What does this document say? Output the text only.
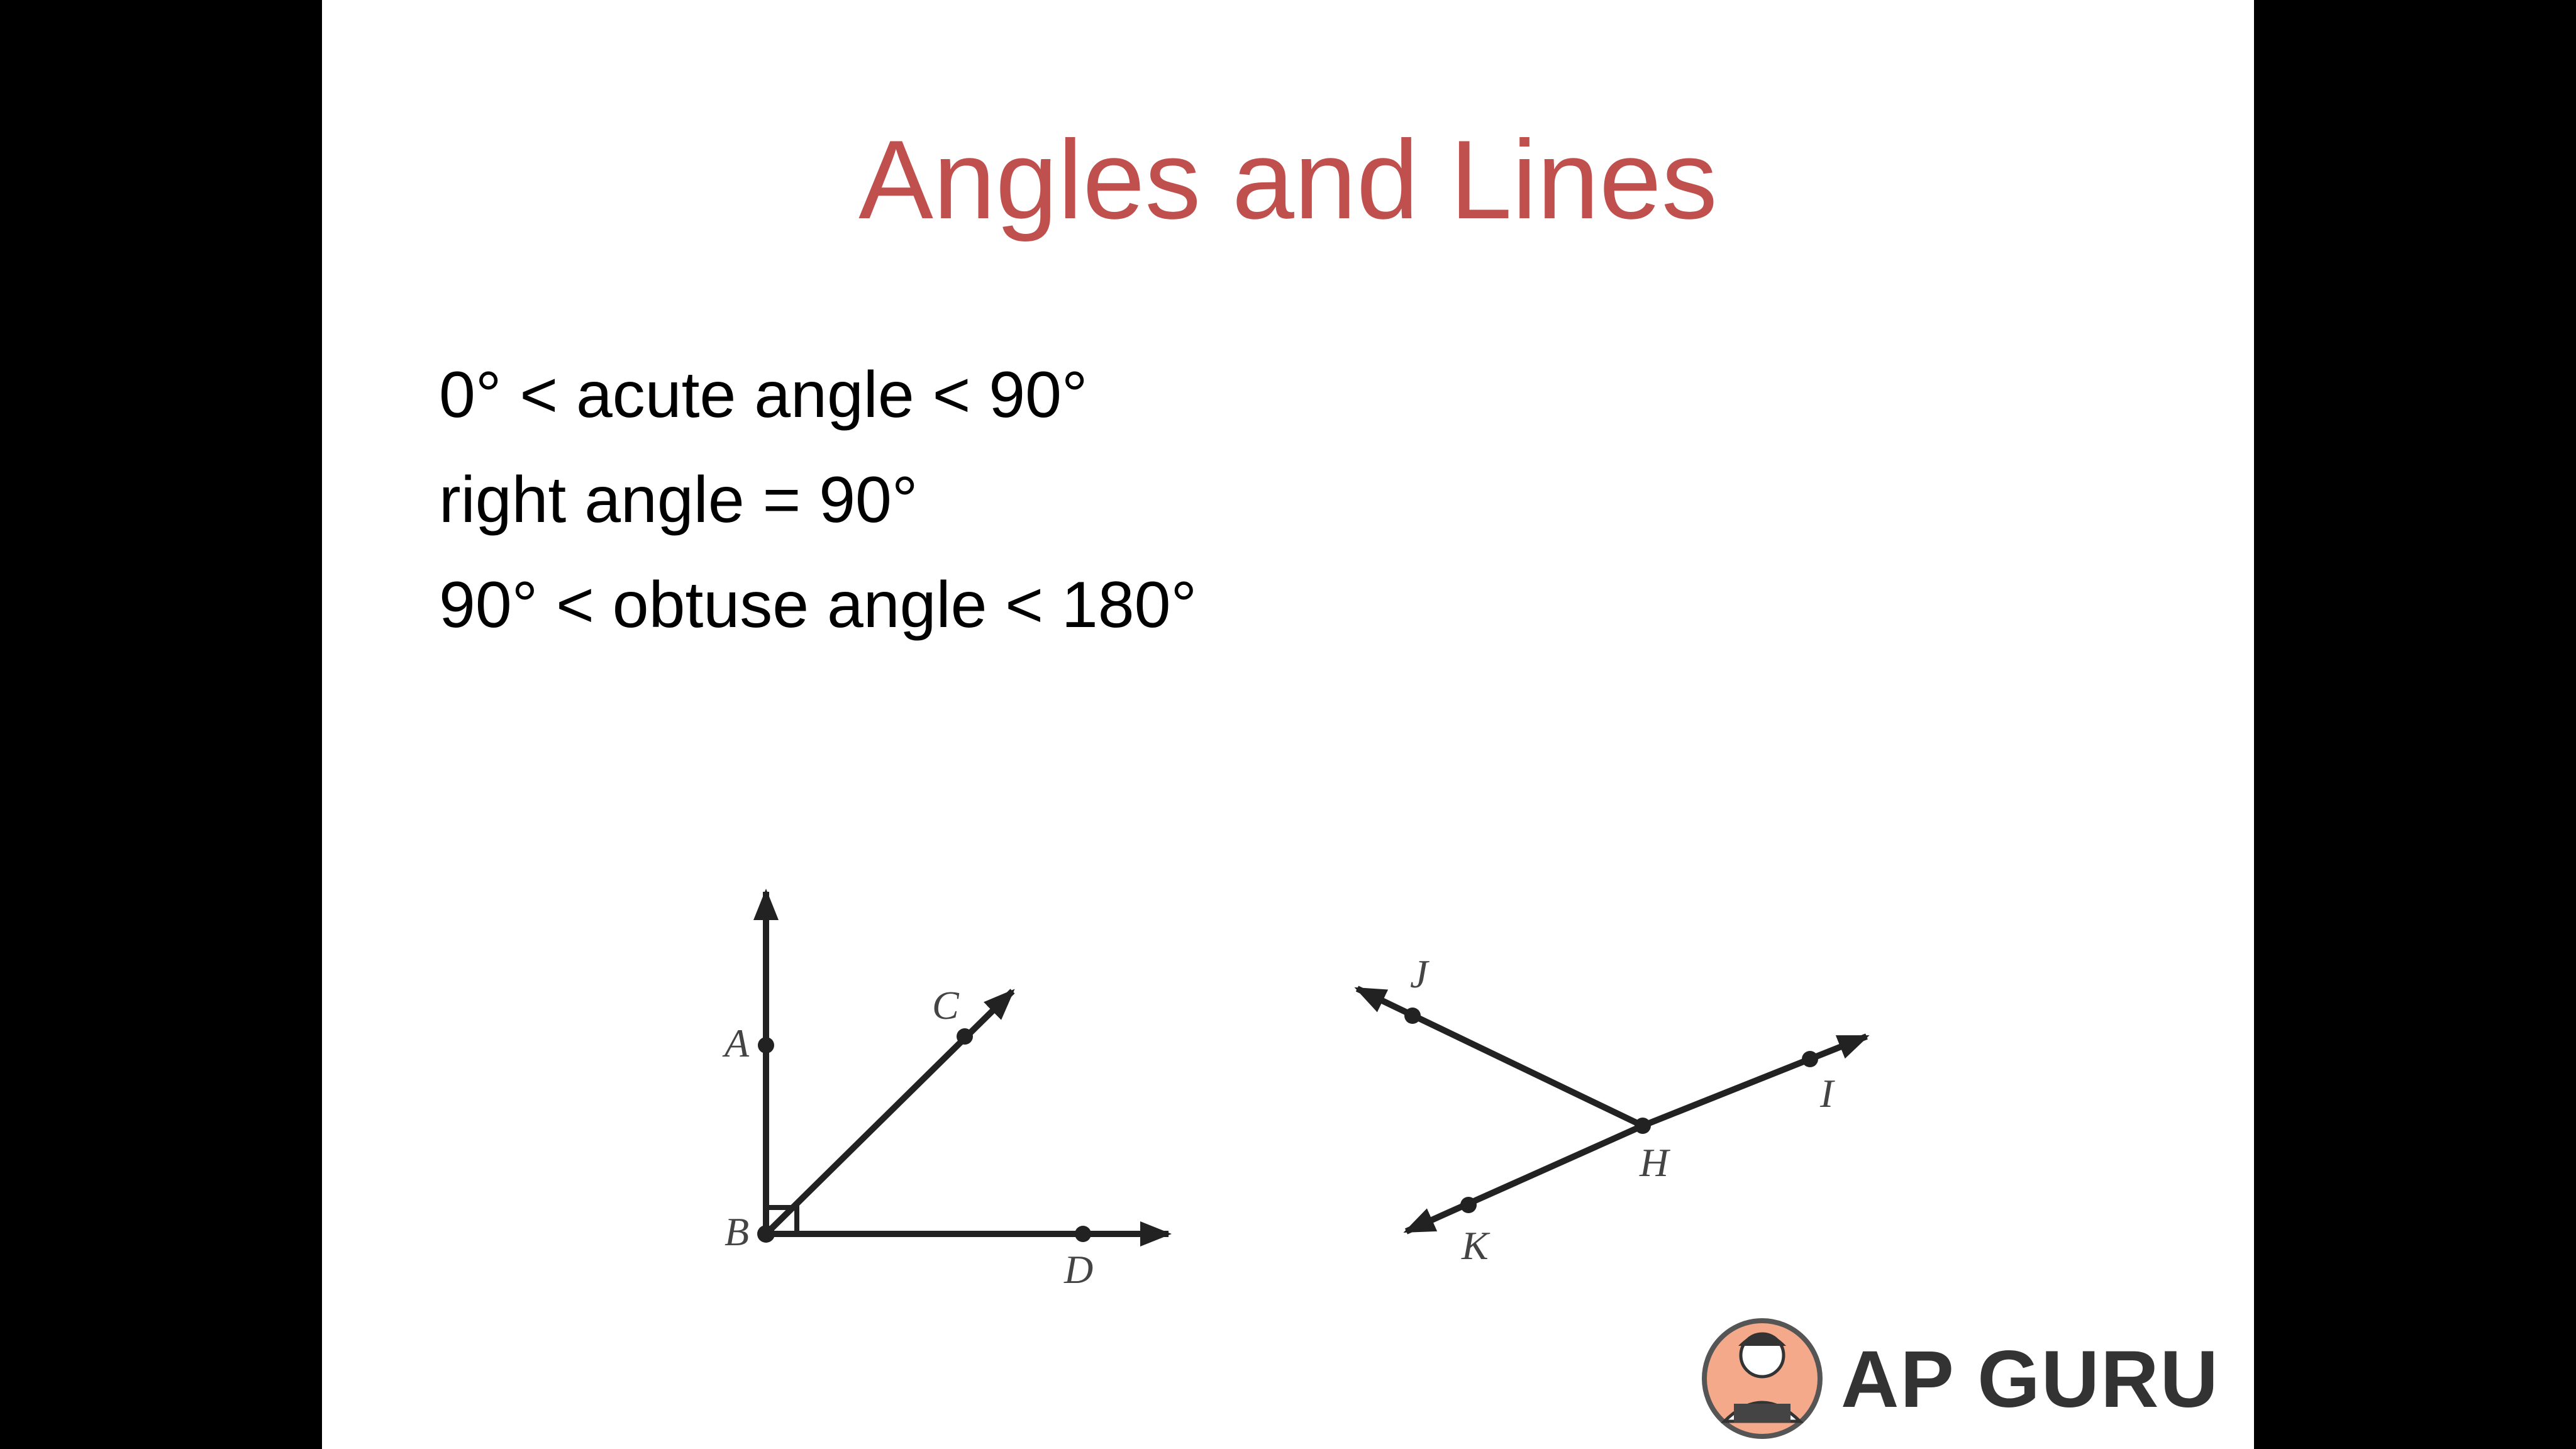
Angles and Lines
0° < acute angle < 90°
right angle = 90°
90° < obtuse angle < 180°
A
B
C
D
J
H
I
K
AP GURU
